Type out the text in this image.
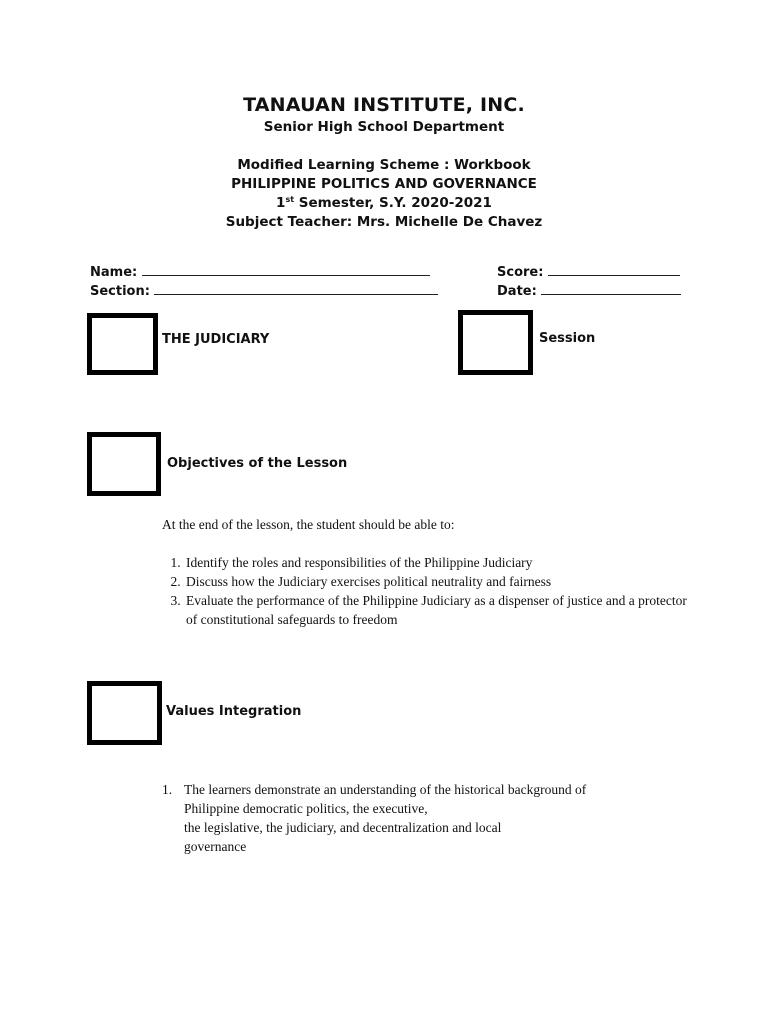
TANAUAN INSTITUTE, INC.
Senior High School Department
Modified Learning Scheme : Workbook
PHILIPPINE POLITICS AND GOVERNANCE
1st Semester, S.Y. 2020-2021
Subject Teacher: Mrs. Michelle De Chavez
Name:
Section:
Score:
Date:
THE JUDICIARY	Session
Objectives of the Lesson
At the end of the lesson, the student should be able to:
1. Identify the roles and responsibilities of the Philippine Judiciary
2. Discuss how the Judiciary exercises political neutrality and fairness
3. Evaluate the performance of the Philippine Judiciary as a dispenser of justice and a protector of constitutional safeguards to freedom
Values Integration
1. The learners demonstrate an understanding of the historical background of
Philippine democratic politics, the executive,
the legislative, the judiciary, and decentralization and local
governance
